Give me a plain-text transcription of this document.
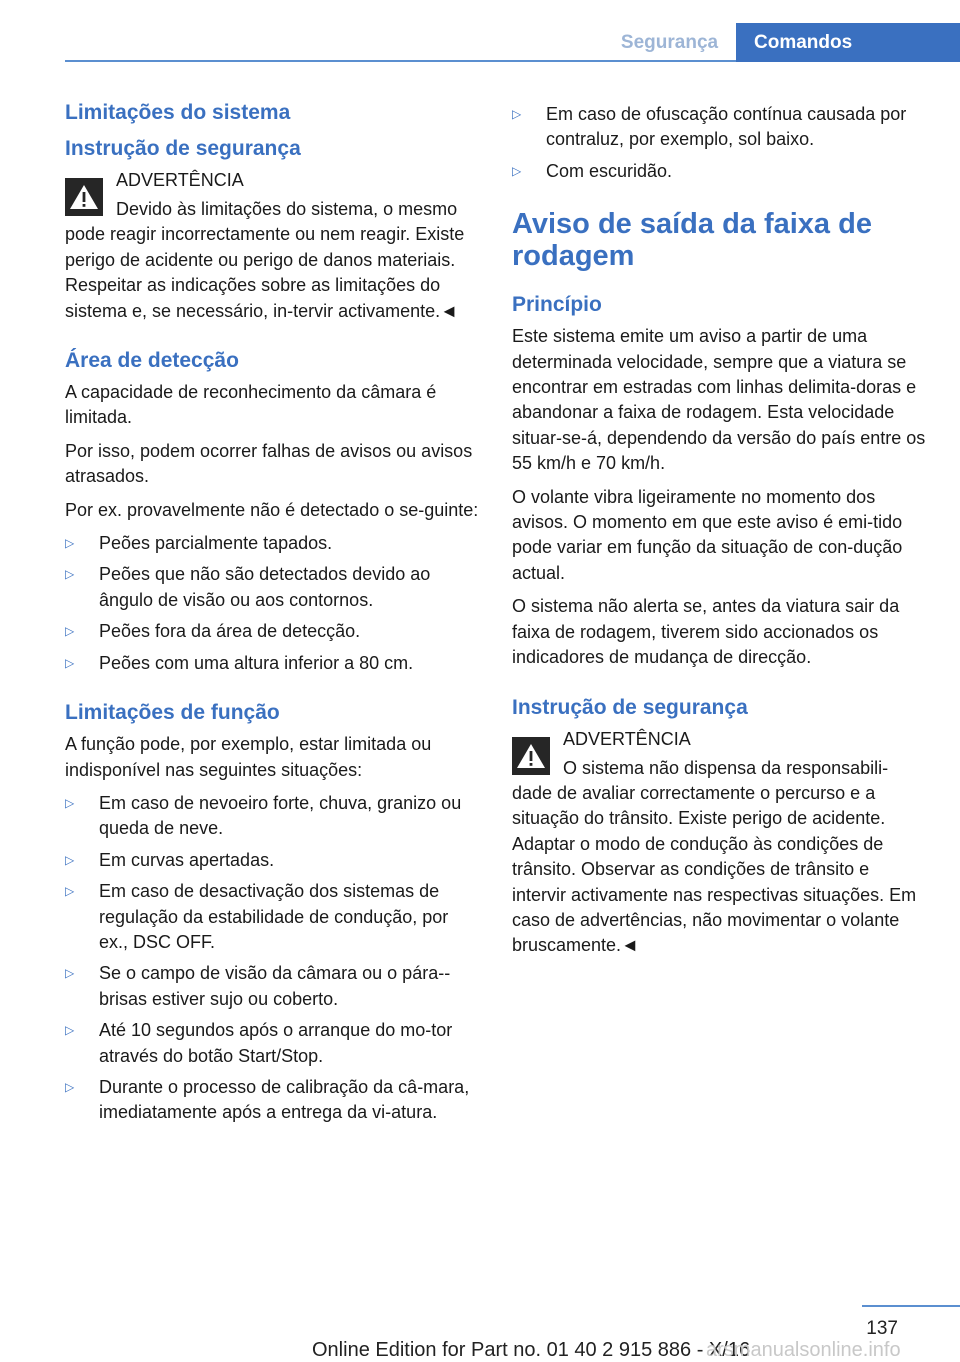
Segurança	Comandos
Limitações do sistema
Instrução de segurança
ADVERTÊNCIA

Devido às limitações do sistema, o mesmo pode reagir incorrectamente ou nem reagir. Existe perigo de acidente ou perigo de danos materiais. Respeitar as indicações sobre as limitações do sistema e, se necessário, in-tervir activamente.◄

Área de detecção

A capacidade de reconhecimento da câmara é limitada.

Por isso, podem ocorrer falhas de avisos ou avisos atrasados.

Por ex. provavelmente não é detectado o se-guinte:

▷ Peões parcialmente tapados.
▷ Peões que não são detectados devido ao ângulo de visão ou aos contornos.
▷ Peões fora da área de detecção.
▷ Peões com uma altura inferior a 80 cm.
Limitações de função

A função pode, por exemplo, estar limitada ou indisponível nas seguintes situações:

▷ Em caso de nevoeiro forte, chuva, granizo ou queda de neve.
▷ Em curvas apertadas.
▷ Em caso de desactivação dos sistemas de regulação da estabilidade de condução, por ex., DSC OFF.
▷ Se o campo de visão da câmara ou o pára--brisas estiver sujo ou coberto.
▷ Até 10 segundos após o arranque do mo-tor através do botão Start/Stop.
▷ Durante o processo de calibração da câ-mara, imediatamente após a entrega da vi-atura.
▷ Em caso de ofuscação contínua causada por contraluz, por exemplo, sol baixo.
▷ Com escuridão.
Aviso de saída da faixa de rodagem
Princípio

Este sistema emite um aviso a partir de uma determinada velocidade, sempre que a viatura se encontrar em estradas com linhas delimita-doras e abandonar a faixa de rodagem. Esta velocidade situar-se-á, dependendo da versão do país entre os 55 km/h e 70 km/h.

O volante vibra ligeiramente no momento dos avisos. O momento em que este aviso é emi-tido pode variar em função da situação de con-dução actual.

O sistema não alerta se, antes da viatura sair da faixa de rodagem, tiverem sido accionados os indicadores de mudança de direcção.

Instrução de segurança
ADVERTÊNCIA

O sistema não dispensa da responsabili-dade de avaliar correctamente o percurso e a situação do trânsito. Existe perigo de acidente. Adaptar o modo de condução às condições de trânsito. Observar as condições de trânsito e intervir activamente nas respectivas situações. Em caso de advertências, não movimentar o volante bruscamente.◄

137
Online Edition for Part no. 01 40 2 915 886 - X/16
arsmanualsonline.info
